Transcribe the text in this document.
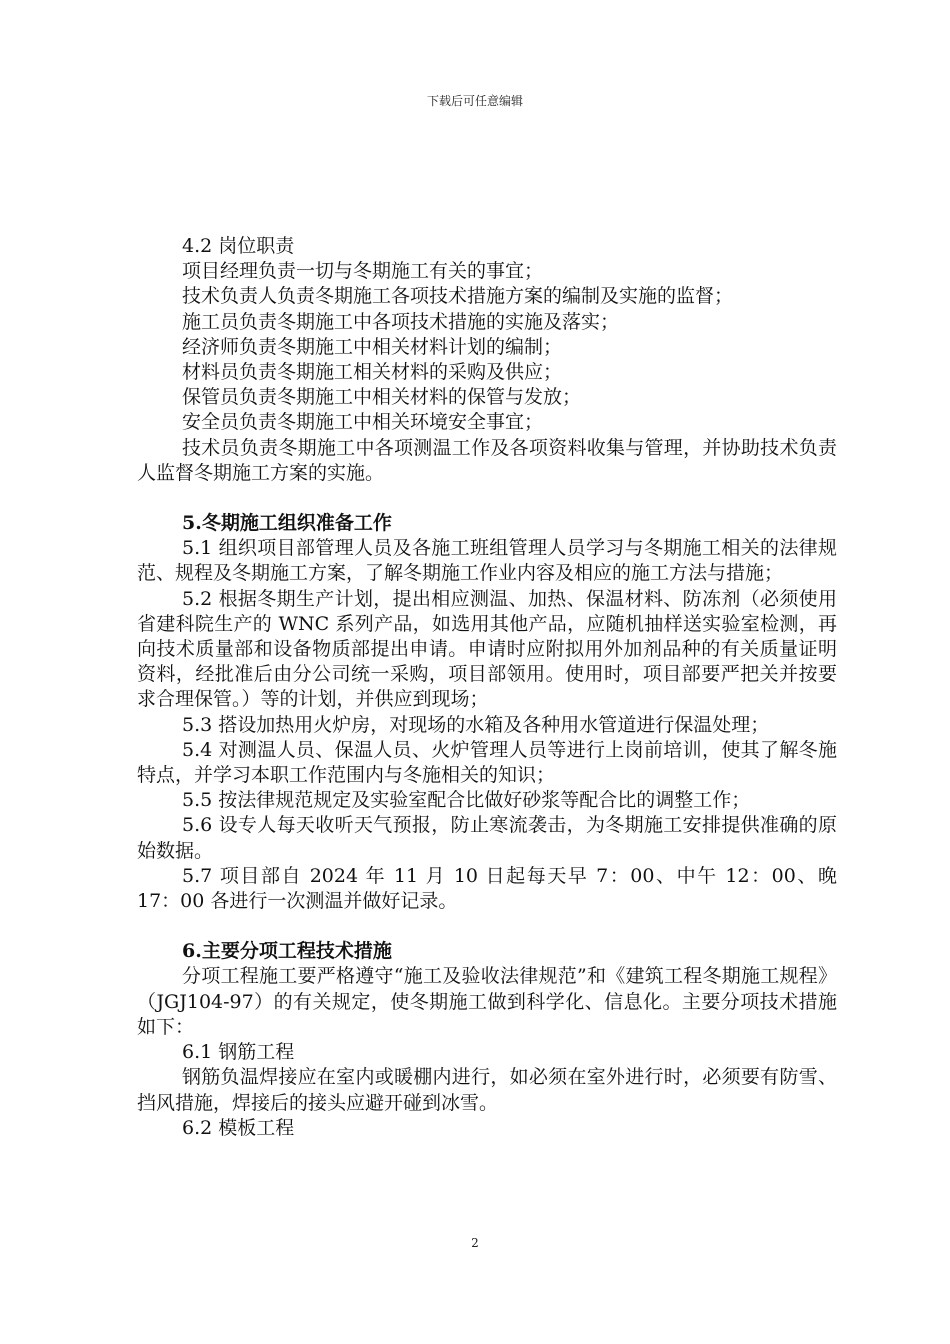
下载后可任意编辑

4.2 岗位职责

项目经理负责一切与冬期施工有关的事宜；

技术负责人负责冬期施工各项技术措施方案的编制及实施的监督；

施工员负责冬期施工中各项技术措施的实施及落实；

经济师负责冬期施工中相关材料计划的编制；

材料员负责冬期施工相关材料的采购及供应；

保管员负责冬期施工中相关材料的保管与发放；

安全员负责冬期施工中相关环境安全事宜；

技术员负责冬期施工中各项测温工作及各项资料收集与管理，并协助技术负责人监督冬期施工方案的实施。

5.冬期施工组织准备工作

5.1 组织项目部管理人员及各施工班组管理人员学习与冬期施工相关的法律规范、规程及冬期施工方案，了解冬期施工作业内容及相应的施工方法与措施；

5.2 根据冬期生产计划，提出相应测温、加热、保温材料、防冻剂（必须使用省建科院生产的 WNC 系列产品，如选用其他产品，应随机抽样送实验室检测，再向技术质量部和设备物质部提出申请。申请时应附拟用外加剂品种的有关质量证明资料，经批准后由分公司统一采购，项目部领用。使用时，项目部要严把关并按要求合理保管。）等的计划，并供应到现场；

5.3 搭设加热用火炉房，对现场的水箱及各种用水管道进行保温处理；

5.4 对测温人员、保温人员、火炉管理人员等进行上岗前培训，使其了解冬施特点，并学习本职工作范围内与冬施相关的知识；

5.5 按法律规范规定及实验室配合比做好砂浆等配合比的调整工作；

5.6 设专人每天收听天气预报，防止寒流袭击，为冬期施工安排提供准确的原始数据。

5.7 项目部自 2024 年 11 月 10 日起每天早 7：00、中午 12：00、晚 17：00 各进行一次测温并做好记录。

6.主要分项工程技术措施

分项工程施工要严格遵守“施工及验收法律规范”和《建筑工程冬期施工规程》（JGJ104-97）的有关规定，使冬期施工做到科学化、信息化。主要分项技术措施如下：

6.1 钢筋工程

钢筋负温焊接应在室内或暖棚内进行，如必须在室外进行时，必须要有防雪、挡风措施，焊接后的接头应避开碰到冰雪。

6.2 模板工程

2
